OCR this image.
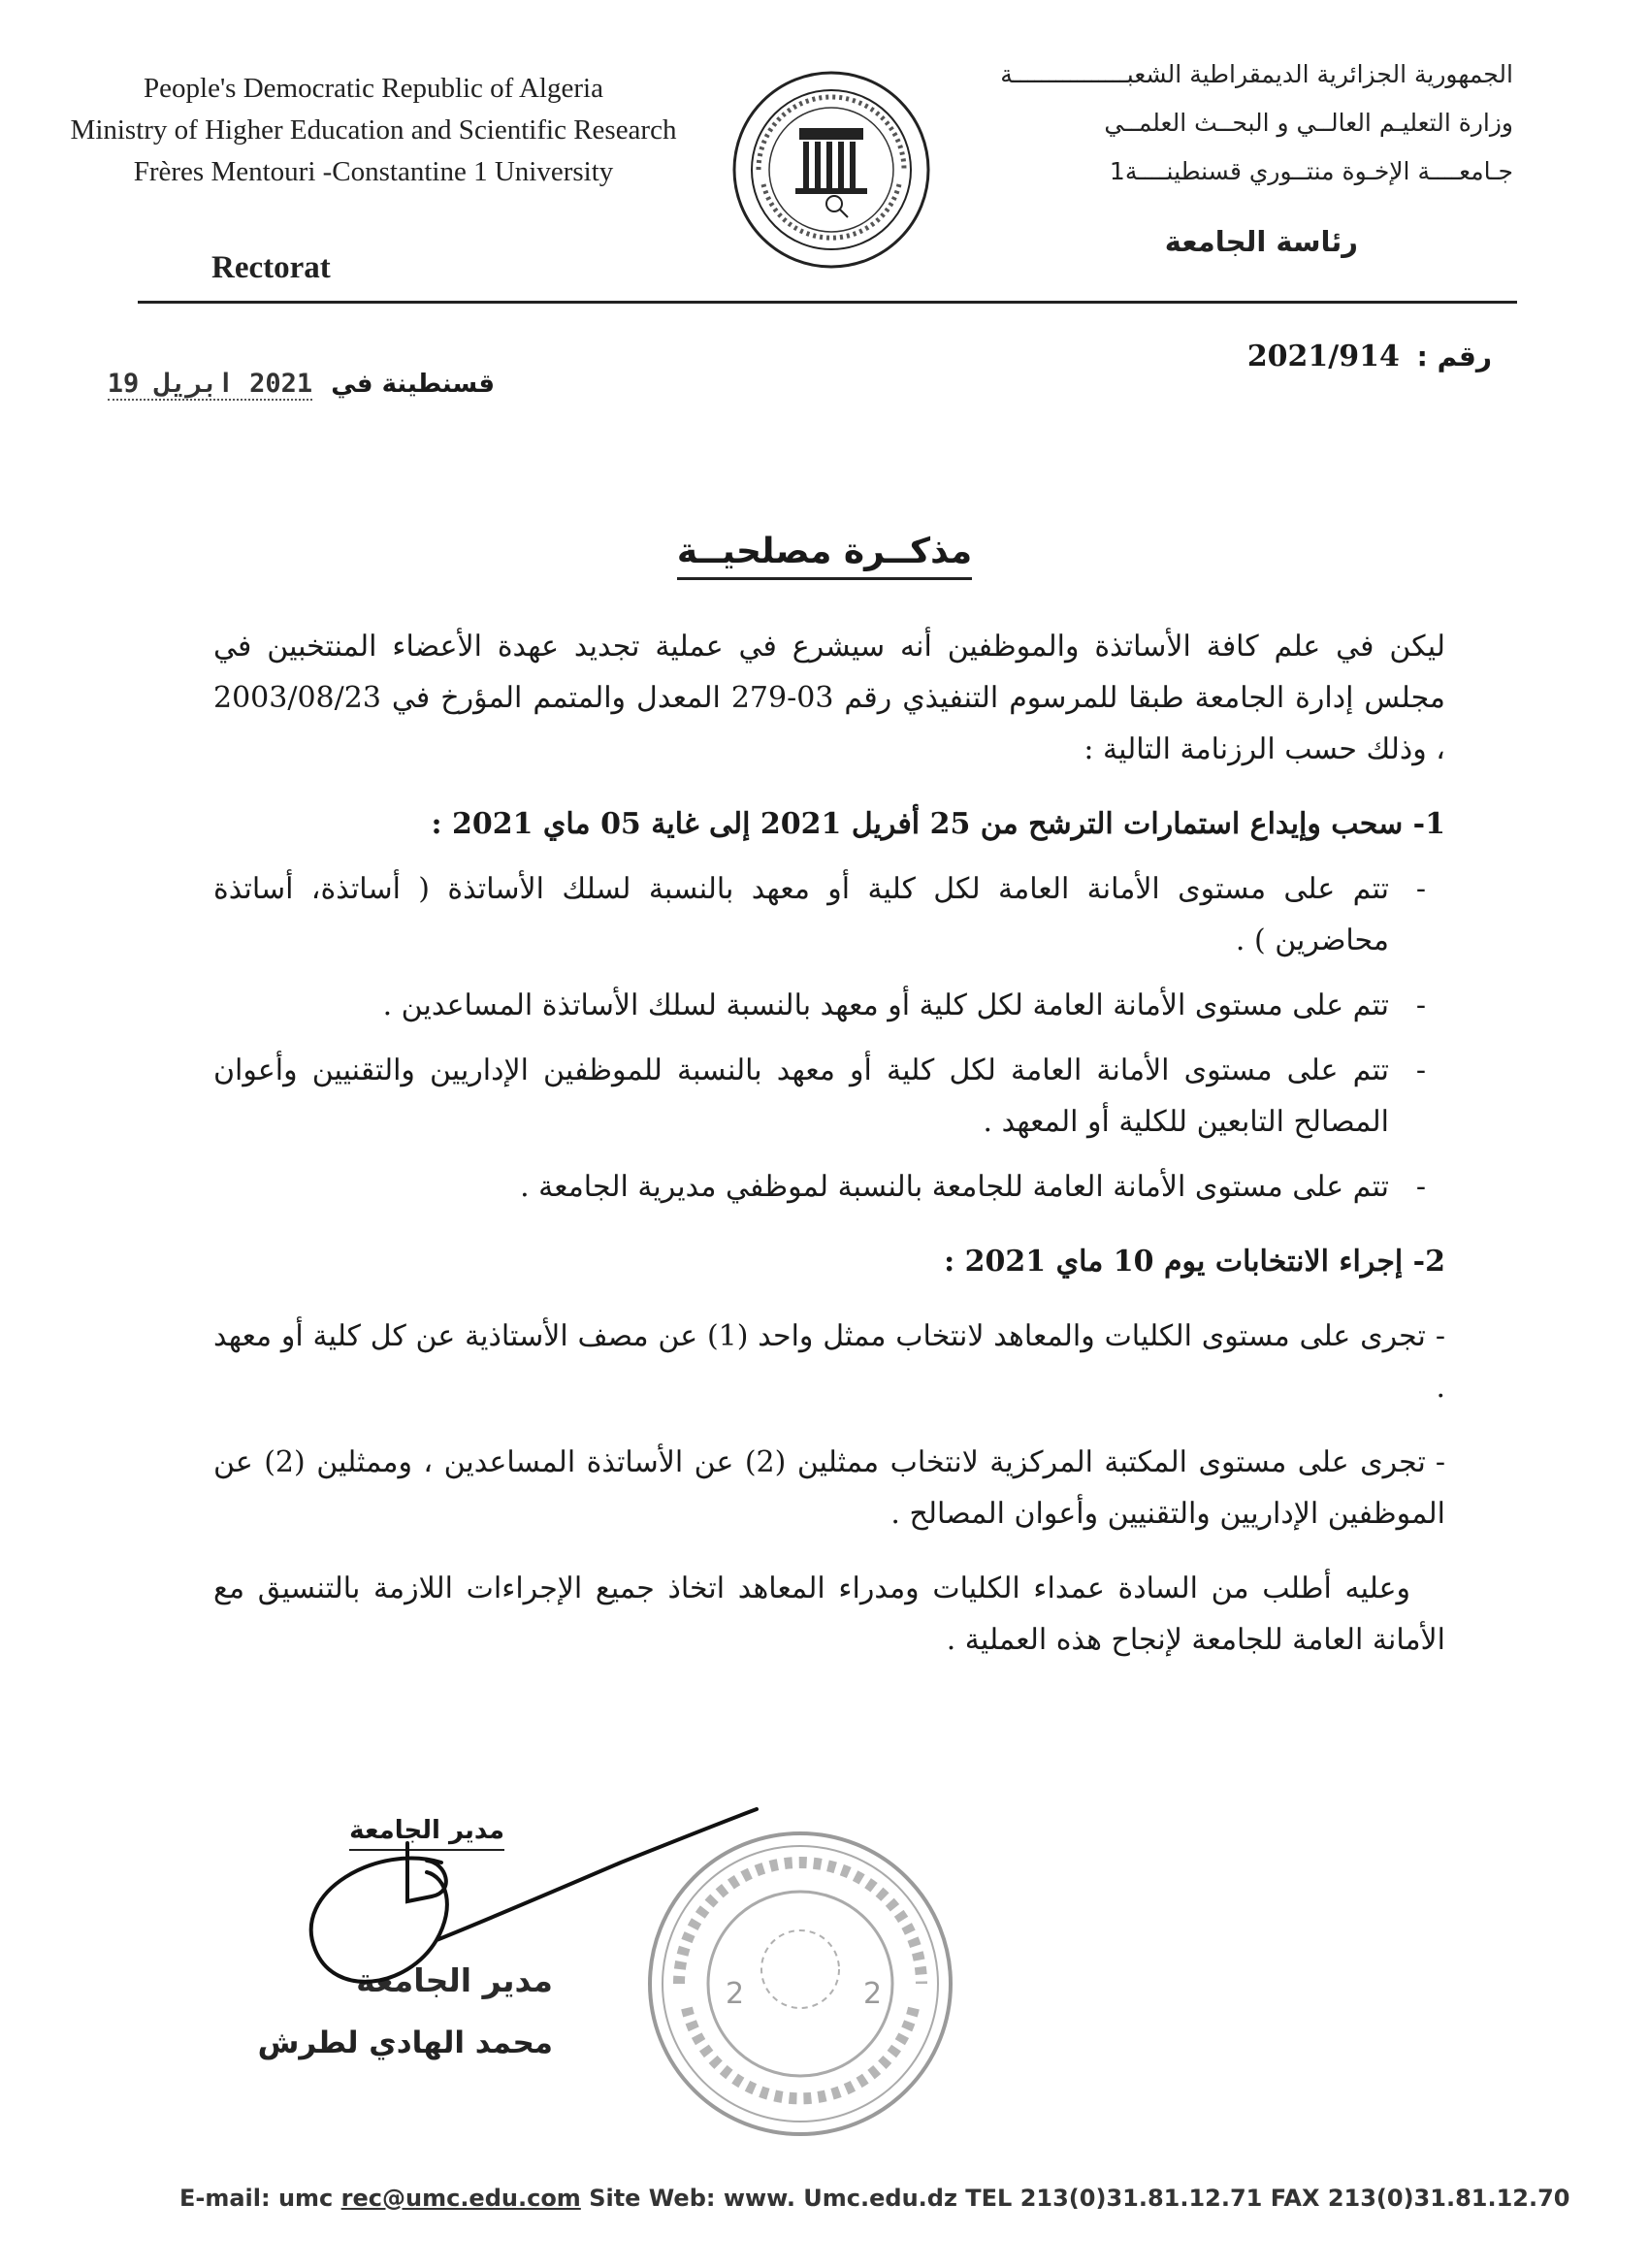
People's Democratic Republic of Algeria
Ministry of Higher Education and Scientific Research
Frères Mentouri -Constantine 1 University
Rectorat
الجمهورية الجزائرية الديمقراطية الشعبــــــــــــــــة
وزارة التعليـم العالــي و البحــث العلمــي
جـامعــــة الإخـوة منتــوري قسنطينــــة1
رئاسة الجامعة
رقم : 2021/914
قسنطينة في 2021 ابريل 19
مذكــرة مصلحيــة

ليكن في علم كافة الأساتذة والموظفين أنه سيشرع في عملية تجديد عهدة الأعضاء المنتخبين في مجلس إدارة الجامعة طبقا للمرسوم التنفيذي رقم 03-279 المعدل والمتمم المؤرخ في 2003/08/23 ، وذلك حسب الرزنامة التالية :

1- سحب وإيداع استمارات الترشح من 25 أفريل 2021 إلى غاية 05 ماي 2021 :

- تتم على مستوى الأمانة العامة لكل كلية أو معهد بالنسبة لسلك الأساتذة ( أساتذة، أساتذة محاضرين ) .
- تتم على مستوى الأمانة العامة لكل كلية أو معهد بالنسبة لسلك الأساتذة المساعدين .
- تتم على مستوى الأمانة العامة لكل كلية أو معهد بالنسبة للموظفين الإداريين والتقنيين وأعوان المصالح التابعين للكلية أو المعهد .
- تتم على مستوى الأمانة العامة للجامعة بالنسبة لموظفي مديرية الجامعة .

2- إجراء الانتخابات يوم 10 ماي 2021 :

-تجرى على مستوى الكليات والمعاهد لانتخاب ممثل واحد (1) عن مصف الأستاذية عن كل كلية أو معهد .

-تجرى على مستوى المكتبة المركزية لانتخاب ممثلين (2) عن الأساتذة المساعدين ، وممثلين (2) عن الموظفين الإداريين والتقنيين وأعوان المصالح .

وعليه أطلب من السادة عمداء الكليات ومدراء المعاهد اتخاذ جميع الإجراءات اللازمة بالتنسيق مع الأمانة العامة للجامعة لإنجاح هذه العملية .

مدير الجامعة
2	2
مدير الجامعة
محمد الهادي لطرش
E-mail: umc rec@umc.edu.com Site Web: www. Umc.edu.dz TEL 213(0)31.81.12.71 FAX 213(0)31.81.12.70
